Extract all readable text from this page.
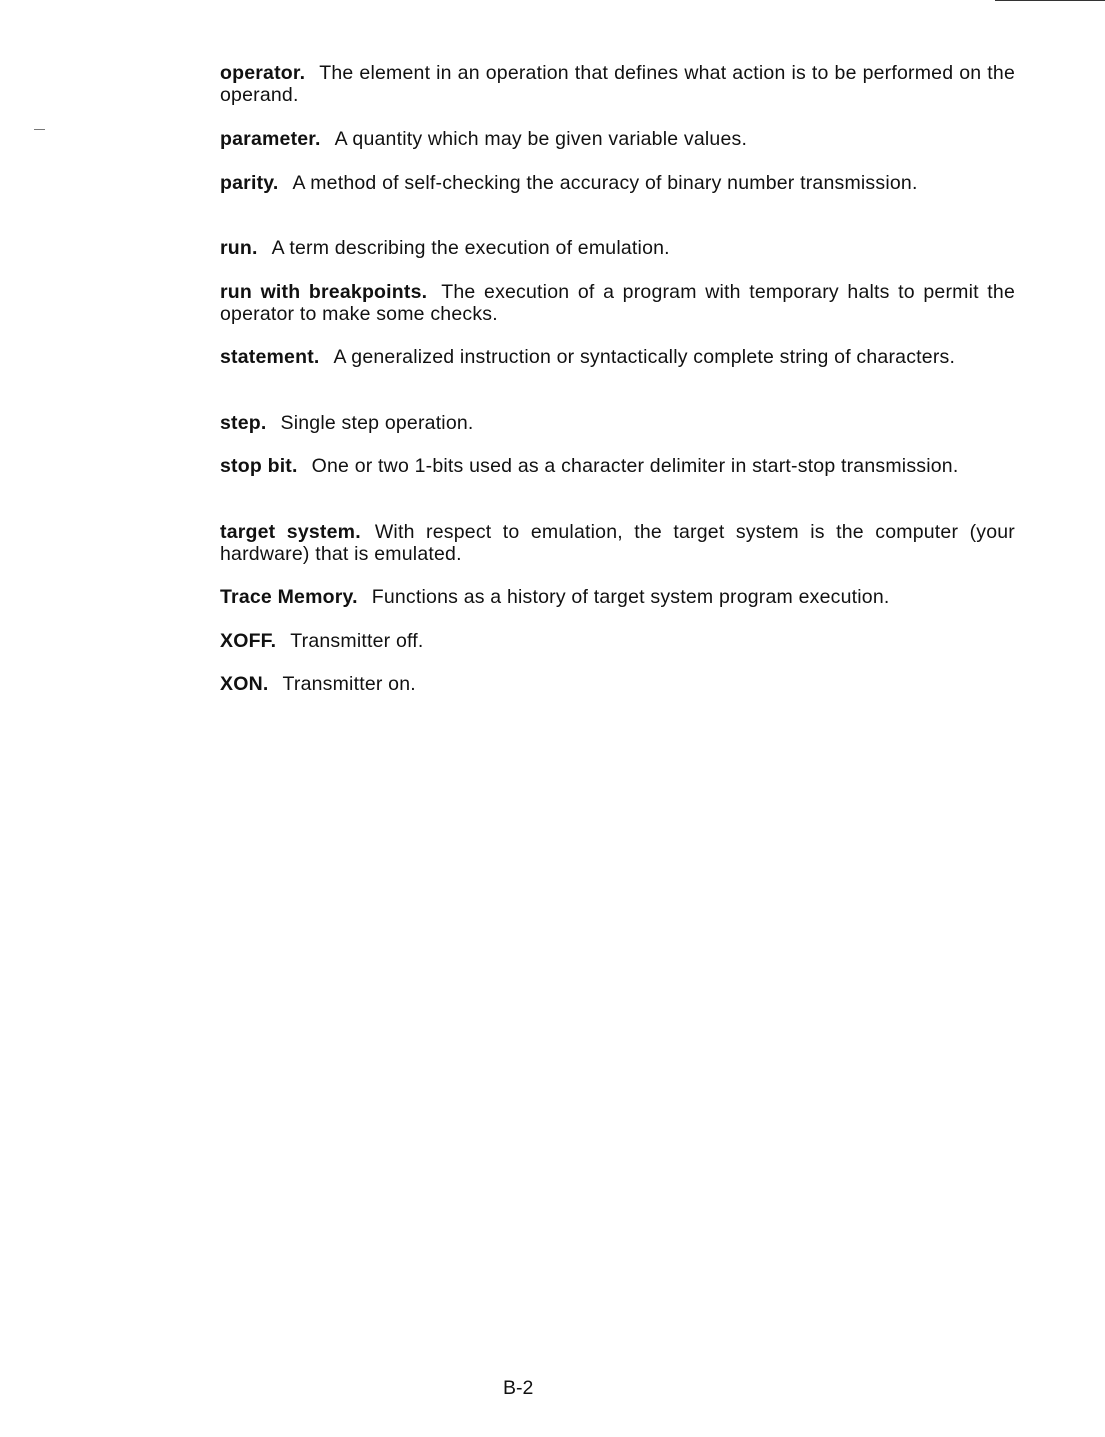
operator. The element in an operation that defines what action is to be performed on the operand.

parameter. A quantity which may be given variable values.

parity. A method of self-checking the accuracy of binary number transmission.

run. A term describing the execution of emulation.

run with breakpoints. The execution of a program with temporary halts to permit the operator to make some checks.

statement. A generalized instruction or syntactically complete string of characters.

step. Single step operation.

stop bit. One or two 1-bits used as a character delimiter in start-stop transmission.

target system. With respect to emulation, the target system is the computer (your hardware) that is emulated.

Trace Memory. Functions as a history of target system program execution.

XOFF. Transmitter off.

XON. Transmitter on.

B-2
